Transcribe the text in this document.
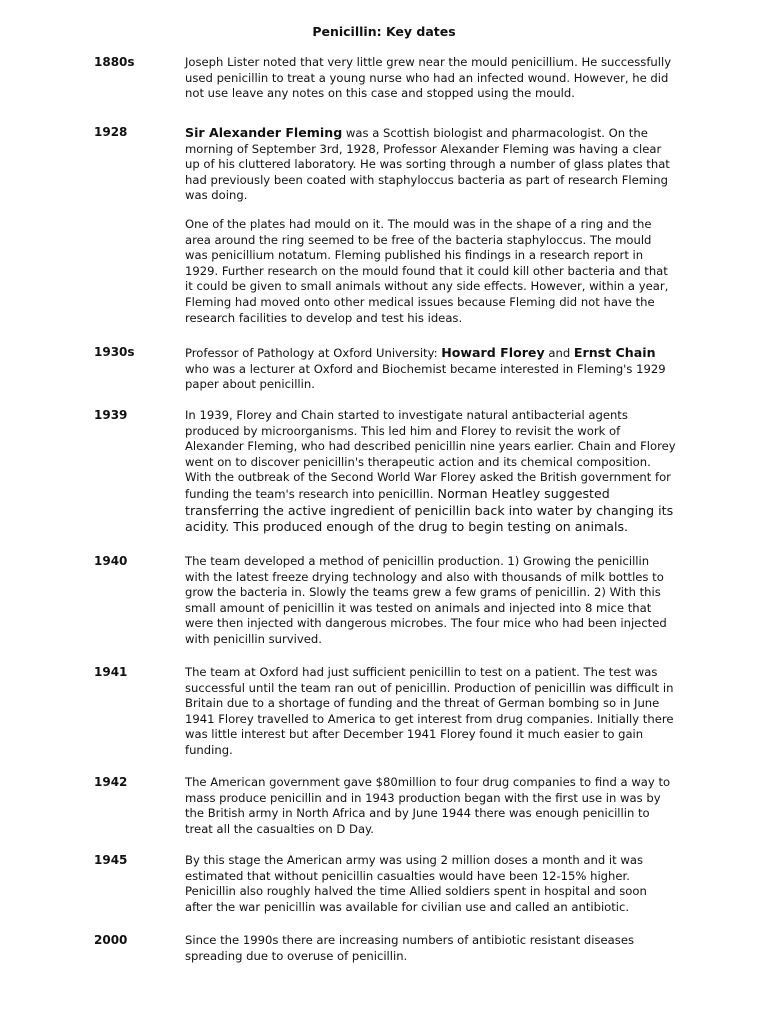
Penicillin: Key dates
1880s	Joseph Lister noted that very little grew near the mould penicillium. He successfully used penicillin to treat a young nurse who had an infected wound. However, he did not use leave any notes on this case and stopped using the mould.

1928	Sir Alexander Fleming was a Scottish biologist and pharmacologist. On the morning of September 3rd, 1928, Professor Alexander Fleming was having a clear up of his cluttered laboratory. He was sorting through a number of glass plates that had previously been coated with staphyloccus bacteria as part of research Fleming was doing.

One of the plates had mould on it. The mould was in the shape of a ring and the area around the ring seemed to be free of the bacteria staphyloccus. The mould was penicillium notatum. Fleming published his findings in a research report in 1929. Further research on the mould found that it could kill other bacteria and that it could be given to small animals without any side effects. However, within a year, Fleming had moved onto other medical issues because Fleming did not have the research facilities to develop and test his ideas.

1930s	Professor of Pathology at Oxford University: Howard Florey and Ernst Chain who was a lecturer at Oxford and Biochemist became interested in Fleming's 1929 paper about penicillin.

1939	In 1939, Florey and Chain started to investigate natural antibacterial agents produced by microorganisms. This led him and Florey to revisit the work of Alexander Fleming, who had described penicillin nine years earlier. Chain and Florey went on to discover penicillin's therapeutic action and its chemical composition. With the outbreak of the Second World War Florey asked the British government for funding the team's research into penicillin. Norman Heatley suggested transferring the active ingredient of penicillin back into water by changing its acidity. This produced enough of the drug to begin testing on animals.

1940	The team developed a method of penicillin production. 1) Growing the penicillin with the latest freeze drying technology and also with thousands of milk bottles to grow the bacteria in. Slowly the teams grew a few grams of penicillin. 2) With this small amount of penicillin it was tested on animals and injected into 8 mice that were then injected with dangerous microbes. The four mice who had been injected with penicillin survived.

1941	The team at Oxford had just sufficient penicillin to test on a patient. The test was successful until the team ran out of penicillin. Production of penicillin was difficult in Britain due to a shortage of funding and the threat of German bombing so in June 1941 Florey travelled to America to get interest from drug companies. Initially there was little interest but after December 1941 Florey found it much easier to gain funding.

1942	The American government gave $80million to four drug companies to find a way to mass produce penicillin and in 1943 production began with the first use in was by the British army in North Africa and by June 1944 there was enough penicillin to treat all the casualties on D Day.

1945	By this stage the American army was using 2 million doses a month and it was estimated that without penicillin casualties would have been 12-15% higher. Penicillin also roughly halved the time Allied soldiers spent in hospital and soon after the war penicillin was available for civilian use and called an antibiotic.

2000	Since the 1990s there are increasing numbers of antibiotic resistant diseases spreading due to overuse of penicillin.
